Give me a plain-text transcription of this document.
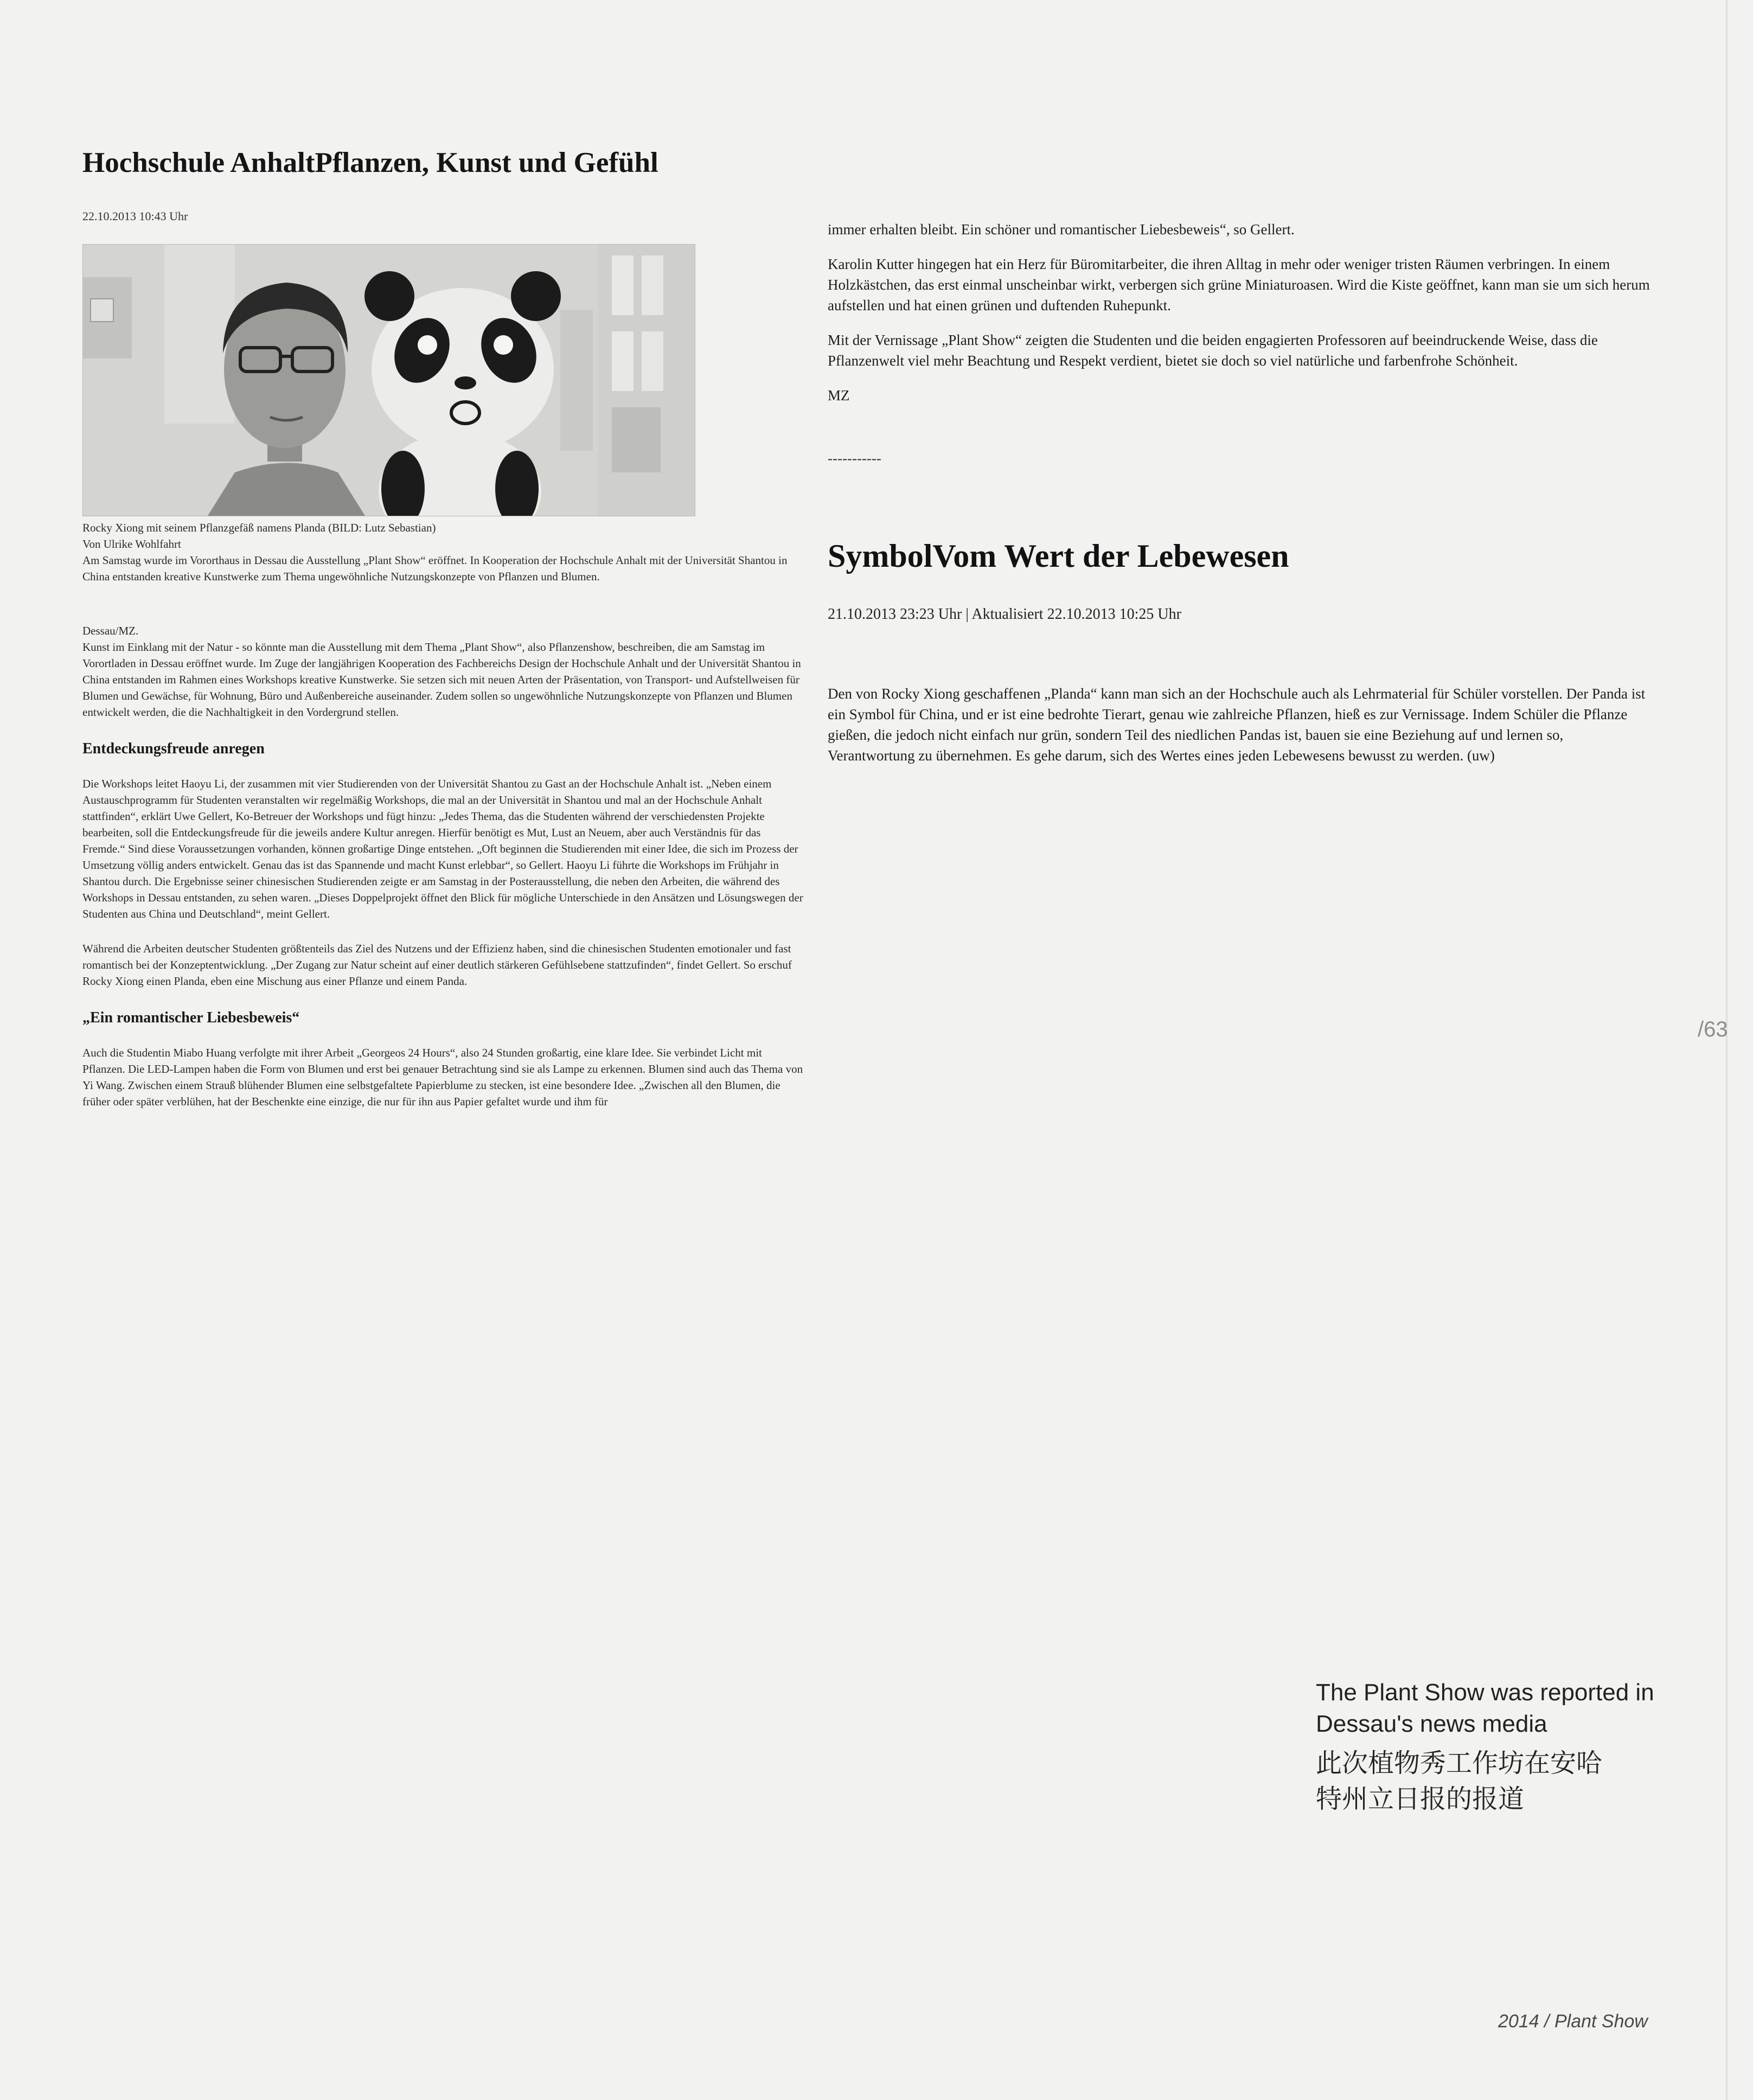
Hochschule AnhaltPflanzen, Kunst und Gefühl
22.10.2013 10:43 Uhr
Rocky Xiong mit seinem Pflanzgefäß namens Planda (BILD: Lutz Sebastian)

Von Ulrike Wohlfahrt

Am Samstag wurde im Vororthaus in Dessau die Ausstellung „Plant Show“ eröffnet. In Kooperation der Hochschule Anhalt mit der Universität Shantou in China entstanden kreative Kunstwerke zum Thema ungewöhnliche Nutzungskonzepte von Pflanzen und Blumen.

Dessau/MZ.

Kunst im Einklang mit der Natur - so könnte man die Ausstellung mit dem Thema „Plant Show“, also Pflanzenshow, beschreiben, die am Samstag im Vorortladen in Dessau eröffnet wurde. Im Zuge der langjährigen Kooperation des Fachbereichs Design der Hochschule Anhalt und der Universität Shantou in China entstanden im Rahmen eines Workshops kreative Kunstwerke. Sie setzen sich mit neuen Arten der Präsentation, von Transport- und Aufstellweisen für Blumen und Gewächse, für Wohnung, Büro und Außenbereiche auseinander. Zudem sollen so ungewöhnliche Nutzungskonzepte von Pflanzen und Blumen entwickelt werden, die die Nachhaltigkeit in den Vordergrund stellen.

Entdeckungsfreude anregen

Die Workshops leitet Haoyu Li, der zusammen mit vier Studierenden von der Universität Shantou zu Gast an der Hochschule Anhalt ist. „Neben einem Austauschprogramm für Studenten veranstalten wir regelmäßig Workshops, die mal an der Universität in Shantou und mal an der Hochschule Anhalt stattfinden“, erklärt Uwe Gellert, Ko-Betreuer der Workshops und fügt hinzu: „Jedes Thema, das die Studenten während der verschiedensten Projekte bearbeiten, soll die Entdeckungsfreude für die jeweils andere Kultur anregen. Hierfür benötigt es Mut, Lust an Neuem, aber auch Verständnis für das Fremde.“ Sind diese Voraussetzungen vorhanden, können großartige Dinge entstehen. „Oft beginnen die Studierenden mit einer Idee, die sich im Prozess der Umsetzung völlig anders entwickelt. Genau das ist das Spannende und macht Kunst erlebbar“, so Gellert. Haoyu Li führte die Workshops im Frühjahr in Shantou durch. Die Ergebnisse seiner chinesischen Studierenden zeigte er am Samstag in der Posterausstellung, die neben den Arbeiten, die während des Workshops in Dessau entstanden, zu sehen waren. „Dieses Doppelprojekt öffnet den Blick für mögliche Unterschiede in den Ansätzen und Lösungswegen der Studenten aus China und Deutschland“, meint Gellert.

Während die Arbeiten deutscher Studenten größtenteils das Ziel des Nutzens und der Effizienz haben, sind die chinesischen Studenten emotionaler und fast romantisch bei der Konzeptentwicklung. „Der Zugang zur Natur scheint auf einer deutlich stärkeren Gefühlsebene stattzufinden“, findet Gellert. So erschuf Rocky Xiong einen Planda, eben eine Mischung aus einer Pflanze und einem Panda.

„Ein romantischer Liebesbeweis“

Auch die Studentin Miabo Huang verfolgte mit ihrer Arbeit „Georgeos 24 Hours“, also 24 Stunden großartig, eine klare Idee. Sie verbindet Licht mit Pflanzen. Die LED-Lampen haben die Form von Blumen und erst bei genauer Betrachtung sind sie als Lampe zu erkennen. Blumen sind auch das Thema von Yi Wang. Zwischen einem Strauß blühender Blumen eine selbstgefaltete Papierblume zu stecken, ist eine besondere Idee. „Zwischen all den Blumen, die früher oder später verblühen, hat der Beschenkte eine einzige, die nur für ihn aus Papier gefaltet wurde und ihm für

immer erhalten bleibt. Ein schöner und romantischer Liebesbeweis“, so Gellert.

Karolin Kutter hingegen hat ein Herz für Büromitarbeiter, die ihren Alltag in mehr oder weniger tristen Räumen verbringen. In einem Holzkästchen, das erst einmal unscheinbar wirkt, verbergen sich grüne Miniaturoasen. Wird die Kiste geöffnet, kann man sie um sich herum aufstellen und hat einen grünen und duftenden Ruhepunkt.

Mit der Vernissage „Plant Show“ zeigten die Studenten und die beiden engagierten Professoren auf beeindruckende Weise, dass die Pflanzenwelt viel mehr Beachtung und Respekt verdient, bietet sie doch so viel natürliche und farbenfrohe Schönheit.

MZ

-----------
SymbolVom Wert der Lebewesen
21.10.2013 23:23 Uhr | Aktualisiert 22.10.2013 10:25 Uhr

Den von Rocky Xiong geschaffenen „Planda“ kann man sich an der Hochschule auch als Lehrmaterial für Schüler vorstellen. Der Panda ist ein Symbol für China, und er ist eine bedrohte Tierart, genau wie zahlreiche Pflanzen, hieß es zur Vernissage. Indem Schüler die Pflanze gießen, die jedoch nicht einfach nur grün, sondern Teil des niedlichen Pandas ist, bauen sie eine Beziehung auf und lernen so, Verantwortung zu übernehmen. Es gehe darum, sich des Wertes eines jeden Lebewesens bewusst zu werden. (uw)

/63
The Plant Show was reported in
Dessau's news media
此次植物秀工作坊在安哈
特州立日报的报道
2014 / Plant Show
